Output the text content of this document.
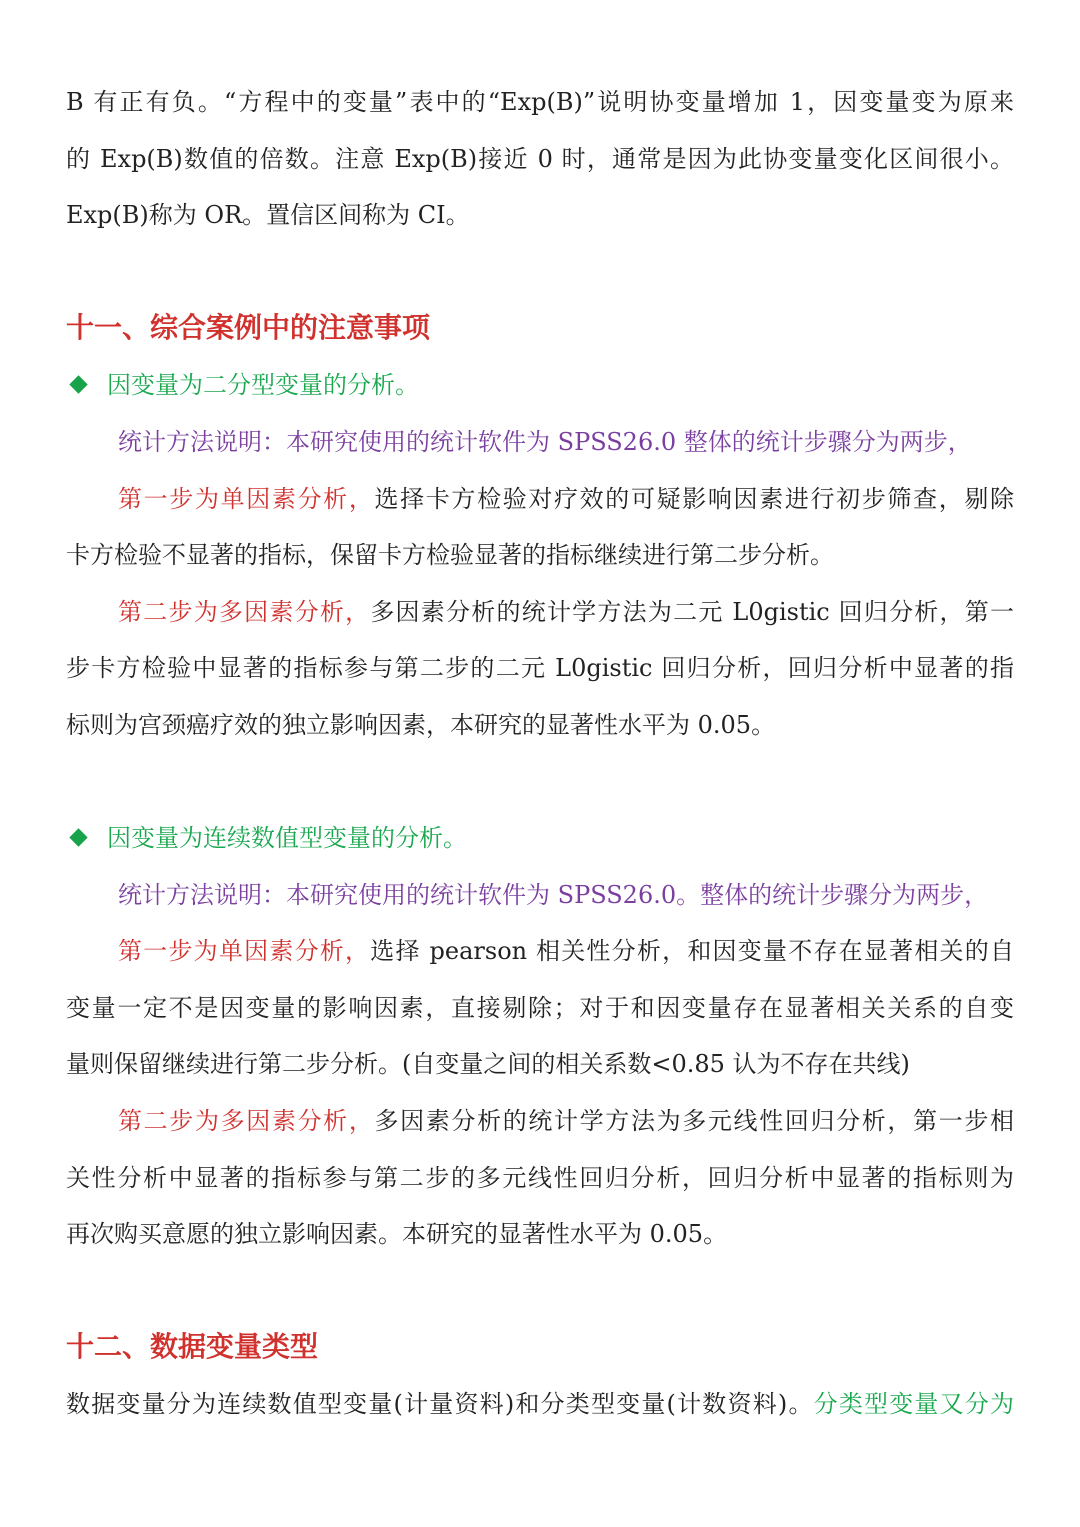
B 有正有负。“方程中的变量”表中的“Exp(B)”说明协变量增加 1，因变量变为原来
的 Exp(B)数值的倍数。注意 Exp(B)接近 0 时，通常是因为此协变量变化区间很小。
Exp(B)称为 OR。置信区间称为 CI。
十一、综合案例中的注意事项
因变量为二分型变量的分析。
统计方法说明：本研究使用的统计软件为 SPSS26.0 整体的统计步骤分为两步，
第一步为单因素分析，选择卡方检验对疗效的可疑影响因素进行初步筛查，剔除
卡方检验不显著的指标，保留卡方检验显著的指标继续进行第二步分析。
第二步为多因素分析，多因素分析的统计学方法为二元 L0gistic 回归分析，第一
步卡方检验中显著的指标参与第二步的二元 L0gistic 回归分析，回归分析中显著的指
标则为宫颈癌疗效的独立影响因素，本研究的显著性水平为 0.05。
因变量为连续数值型变量的分析。
统计方法说明：本研究使用的统计软件为 SPSS26.0。整体的统计步骤分为两步，
第一步为单因素分析，选择 pearson 相关性分析，和因变量不存在显著相关的自
变量一定不是因变量的影响因素，直接剔除；对于和因变量存在显著相关关系的自变
量则保留继续进行第二步分析。(自变量之间的相关系数<0.85 认为不存在共线)
第二步为多因素分析，多因素分析的统计学方法为多元线性回归分析，第一步相
关性分析中显著的指标参与第二步的多元线性回归分析，回归分析中显著的指标则为
再次购买意愿的独立影响因素。本研究的显著性水平为 0.05。
十二、数据变量类型
数据变量分为连续数值型变量(计量资料)和分类型变量(计数资料)。分类型变量又分为
